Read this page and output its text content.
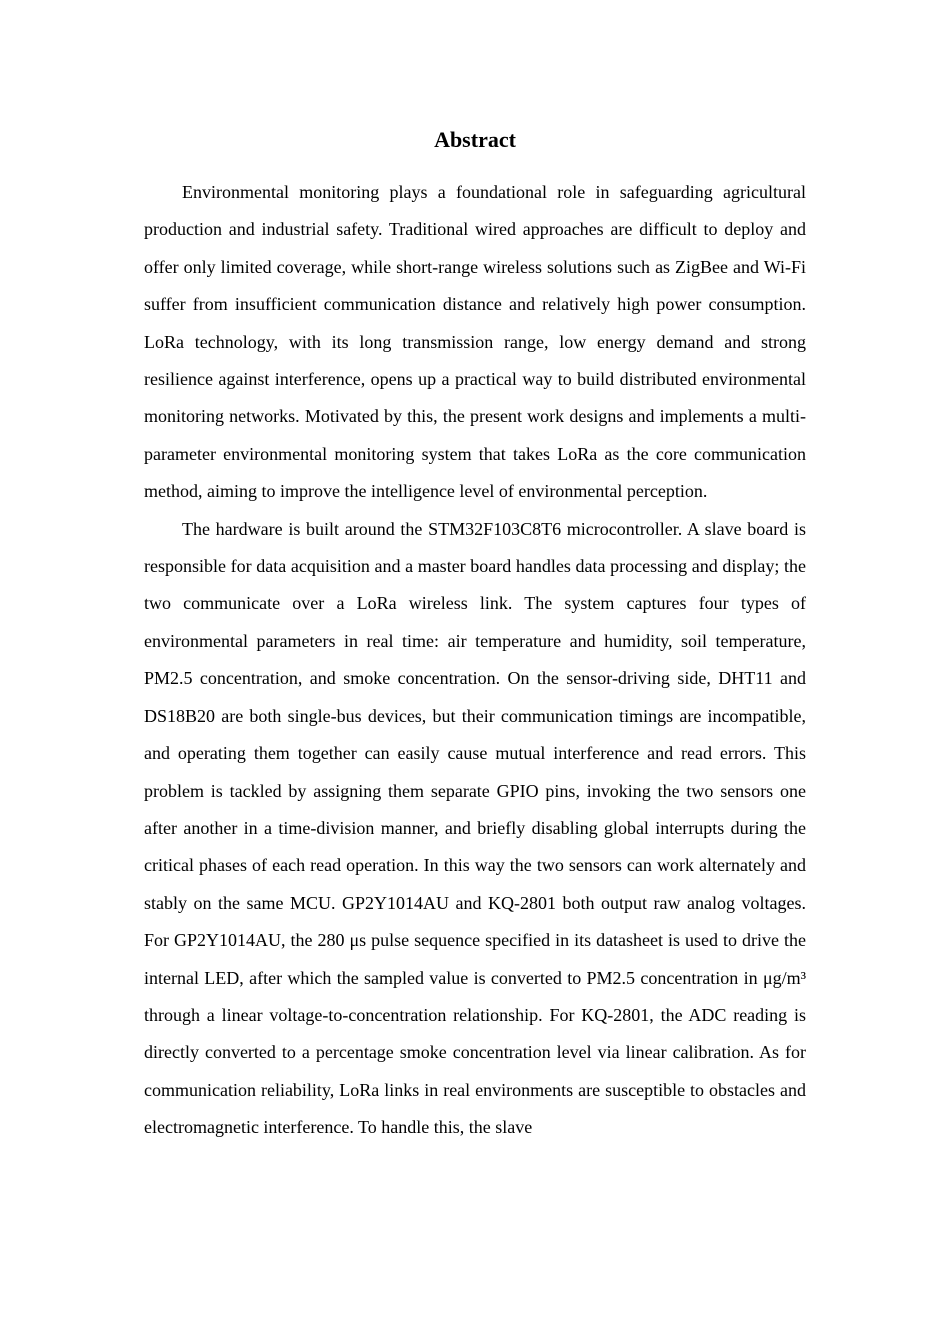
Abstract

Environmental monitoring plays a foundational role in safeguarding agricultural production and industrial safety. Traditional wired approaches are difficult to deploy and offer only limited coverage, while short-range wireless solutions such as ZigBee and Wi-Fi suffer from insufficient communication distance and relatively high power consumption. LoRa technology, with its long transmission range, low energy demand and strong resilience against interference, opens up a practical way to build distributed environmental monitoring networks. Motivated by this, the present work designs and implements a multi-parameter environmental monitoring system that takes LoRa as the core communication method, aiming to improve the intelligence level of environmental perception.

The hardware is built around the STM32F103C8T6 microcontroller. A slave board is responsible for data acquisition and a master board handles data processing and display; the two communicate over a LoRa wireless link. The system captures four types of environmental parameters in real time: air temperature and humidity, soil temperature, PM2.5 concentration, and smoke concentration. On the sensor-driving side, DHT11 and DS18B20 are both single-bus devices, but their communication timings are incompatible, and operating them together can easily cause mutual interference and read errors. This problem is tackled by assigning them separate GPIO pins, invoking the two sensors one after another in a time-division manner, and briefly disabling global interrupts during the critical phases of each read operation. In this way the two sensors can work alternately and stably on the same MCU. GP2Y1014AU and KQ-2801 both output raw analog voltages. For GP2Y1014AU, the 280 μs pulse sequence specified in its datasheet is used to drive the internal LED, after which the sampled value is converted to PM2.5 concentration in μg/m³ through a linear voltage-to-concentration relationship. For KQ-2801, the ADC reading is directly converted to a percentage smoke concentration level via linear calibration. As for communication reliability, LoRa links in real environments are susceptible to obstacles and electromagnetic interference. To handle this, the slave
